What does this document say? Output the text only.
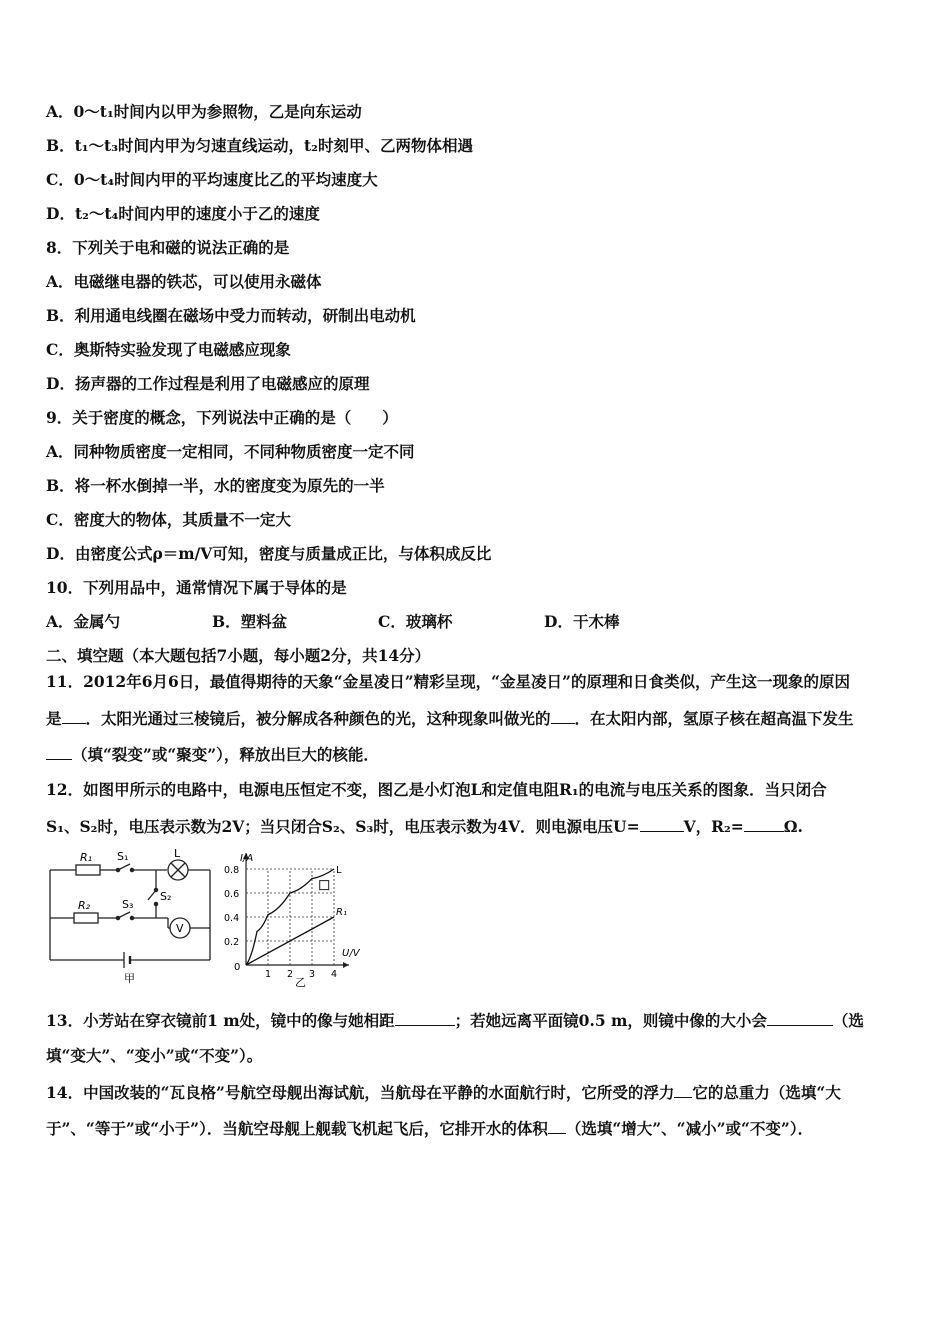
A．0～t₁时间内以甲为参照物，乙是向东运动
B．t₁～t₃时间内甲为匀速直线运动，t₂时刻甲、乙两物体相遇
C．0～t₄时间内甲的平均速度比乙的平均速度大
D．t₂～t₄时间内甲的速度小于乙的速度
8．下列关于电和磁的说法正确的是
A．电磁继电器的铁芯，可以使用永磁体
B．利用通电线圈在磁场中受力而转动，研制出电动机
C．奥斯特实验发现了电磁感应现象
D．扬声器的工作过程是利用了电磁感应的原理
9．关于密度的概念，下列说法中正确的是（　　）
A．同种物质密度一定相同，不同种物质密度一定不同
B．将一杯水倒掉一半，水的密度变为原先的一半
C．密度大的物体，其质量不一定大
D．由密度公式ρ＝m/V可知，密度与质量成正比，与体积成反比
10．下列用品中，通常情况下属于导体的是
A．金属勺	B．塑料盆	C．玻璃杯	D．干木棒
二、填空题（本大题包括7小题，每小题2分，共14分）
11．2012年6月6日，最值得期待的天象“金星凌日”精彩呈现，“金星凌日”的原理和日食类似，产生这一现象的原因
是 ．太阳光通过三棱镜后，被分解成各种颜色的光，这种现象叫做光的 ．在太阳内部，氢原子核在超高温下发生
（填“裂变”或“聚变”），释放出巨大的核能．
12．如图甲所示的电路中，电源电压恒定不变，图乙是小灯泡L和定值电阻R₁的电流与电压关系的图象．当只闭合
S₁、S₂时，电压表示数为2V；当只闭合S₂、S₃时，电压表示数为4V．则电源电压U=	V，R₂=	Ω.
R₁
R₂
S₁
S₃
S₂
L
V
甲
0.2
0.4
0.6
0.8
1 2 3 4
L
R₁
I/A
U/V
0
乙
13．小芳站在穿衣镜前1 m处，镜中的像与她相距	；若她远离平面镜0.5 m，则镜中像的大小会	（选
填“变大”、“变小”或“不变”）。
14．中国改装的“瓦良格”号航空母舰出海试航，当航母在平静的水面航行时，它所受的浮力 它的总重力（选填“大
于”、“等于”或“小于”）．当航空母舰上舰载飞机起飞后，它排开水的体积 （选填“增大”、“减小”或“不变”）．
